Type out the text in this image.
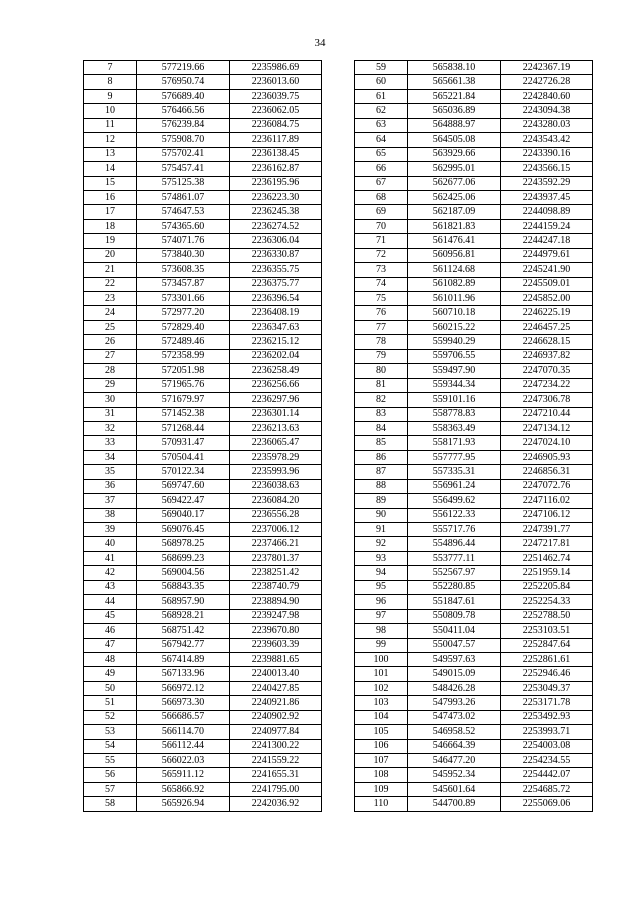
34
7	577219.66	2235986.69
8	576950.74	2236013.60
9	576689.40	2236039.75
10	576466.56	2236062.05
11	576239.84	2236084.75
12	575908.70	2236117.89
13	575702.41	2236138.45
14	575457.41	2236162.87
15	575125.38	2236195.96
16	574861.07	2236223.30
17	574647.53	2236245.38
18	574365.60	2236274.52
19	574071.76	2236306.04
20	573840.30	2236330.87
21	573608.35	2236355.75
22	573457.87	2236375.77
23	573301.66	2236396.54
24	572977.20	2236408.19
25	572829.40	2236347.63
26	572489.46	2236215.12
27	572358.99	2236202.04
28	572051.98	2236258.49
29	571965.76	2236256.66
30	571679.97	2236297.96
31	571452.38	2236301.14
32	571268.44	2236213.63
33	570931.47	2236065.47
34	570504.41	2235978.29
35	570122.34	2235993.96
36	569747.60	2236038.63
37	569422.47	2236084.20
38	569040.17	2236556.28
39	569076.45	2237006.12
40	568978.25	2237466.21
41	568699.23	2237801.37
42	569004.56	2238251.42
43	568843.35	2238740.79
44	568957.90	2238894.90
45	568928.21	2239247.98
46	568751.42	2239670.80
47	567942.77	2239603.39
48	567414.89	2239881.65
49	567133.96	2240013.40
50	566972.12	2240427.85
51	566973.30	2240921.86
52	566686.57	2240902.92
53	566114.70	2240977.84
54	566112.44	2241300.22
55	566022.03	2241559.22
56	565911.12	2241655.31
57	565866.92	2241795.00
58	565926.94	2242036.92
59	565838.10	2242367.19
60	565661.38	2242726.28
61	565221.84	2242840.60
62	565036.89	2243094.38
63	564888.97	2243280.03
64	564505.08	2243543.42
65	563929.66	2243390.16
66	562995.01	2243566.15
67	562677.06	2243592.29
68	562425.06	2243937.45
69	562187.09	2244098.89
70	561821.83	2244159.24
71	561476.41	2244247.18
72	560956.81	2244979.61
73	561124.68	2245241.90
74	561082.89	2245509.01
75	561011.96	2245852.00
76	560710.18	2246225.19
77	560215.22	2246457.25
78	559940.29	2246628.15
79	559706.55	2246937.82
80	559497.90	2247070.35
81	559344.34	2247234.22
82	559101.16	2247306.78
83	558778.83	2247210.44
84	558363.49	2247134.12
85	558171.93	2247024.10
86	557777.95	2246905.93
87	557335.31	2246856.31
88	556961.24	2247072.76
89	556499.62	2247116.02
90	556122.33	2247106.12
91	555717.76	2247391.77
92	554896.44	2247217.81
93	553777.11	2251462.74
94	552567.97	2251959.14
95	552280.85	2252205.84
96	551847.61	2252254.33
97	550809.78	2252788.50
98	550411.04	2253103.51
99	550047.57	2252847.64
100	549597.63	2252861.61
101	549015.09	2252946.46
102	548426.28	2253049.37
103	547993.26	2253171.78
104	547473.02	2253492.93
105	546958.52	2253993.71
106	546664.39	2254003.08
107	546477.20	2254234.55
108	545952.34	2254442.07
109	545601.64	2254685.72
110	544700.89	2255069.06
